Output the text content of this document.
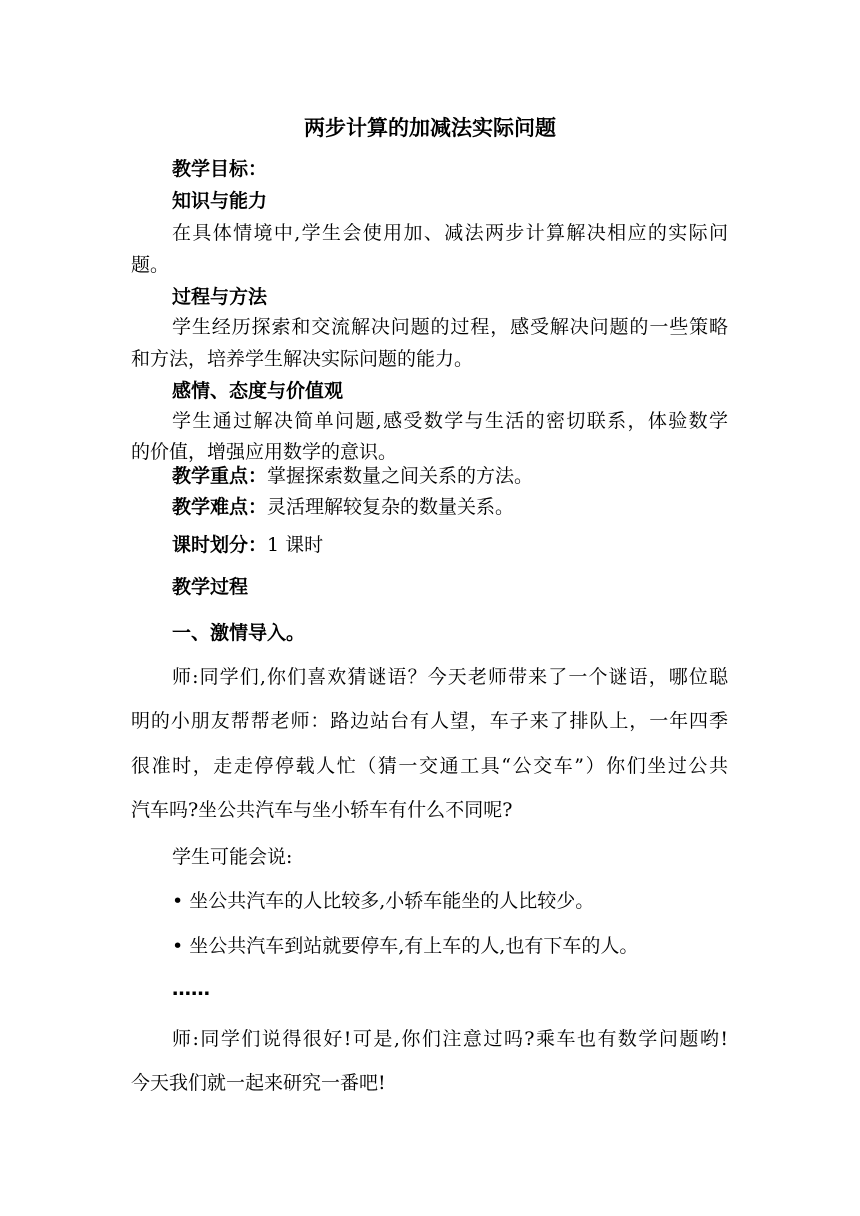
两步计算的加减法实际问题
教学目标：
知识与能力
在具体情境中,学生会使用加、减法两步计算解决相应的实际问
题。
过程与方法
学生经历探索和交流解决问题的过程，感受解决问题的一些策略
和方法，培养学生解决实际问题的能力。
感情、态度与价值观
学生通过解决简单问题,感受数学与生活的密切联系，体验数学
的价值，增强应用数学的意识。
教学重点：掌握探索数量之间关系的方法。
教学难点：灵活理解较复杂的数量关系。
课时划分：1 课时
教学过程
一、激情导入。
师:同学们,你们喜欢猜谜语？今天老师带来了一个谜语，哪位聪
明的小朋友帮帮老师：路边站台有人望，车子来了排队上，一年四季
很准时，走走停停载人忙（猜一交通工具“公交车”）你们坐过公共
汽车吗?坐公共汽车与坐小轿车有什么不同呢?
学生可能会说:
• 坐公共汽车的人比较多,小轿车能坐的人比较少。
• 坐公共汽车到站就要停车,有上车的人,也有下车的人。
……
师:同学们说得很好!可是,你们注意过吗?乘车也有数学问题哟!
今天我们就一起来研究一番吧!
